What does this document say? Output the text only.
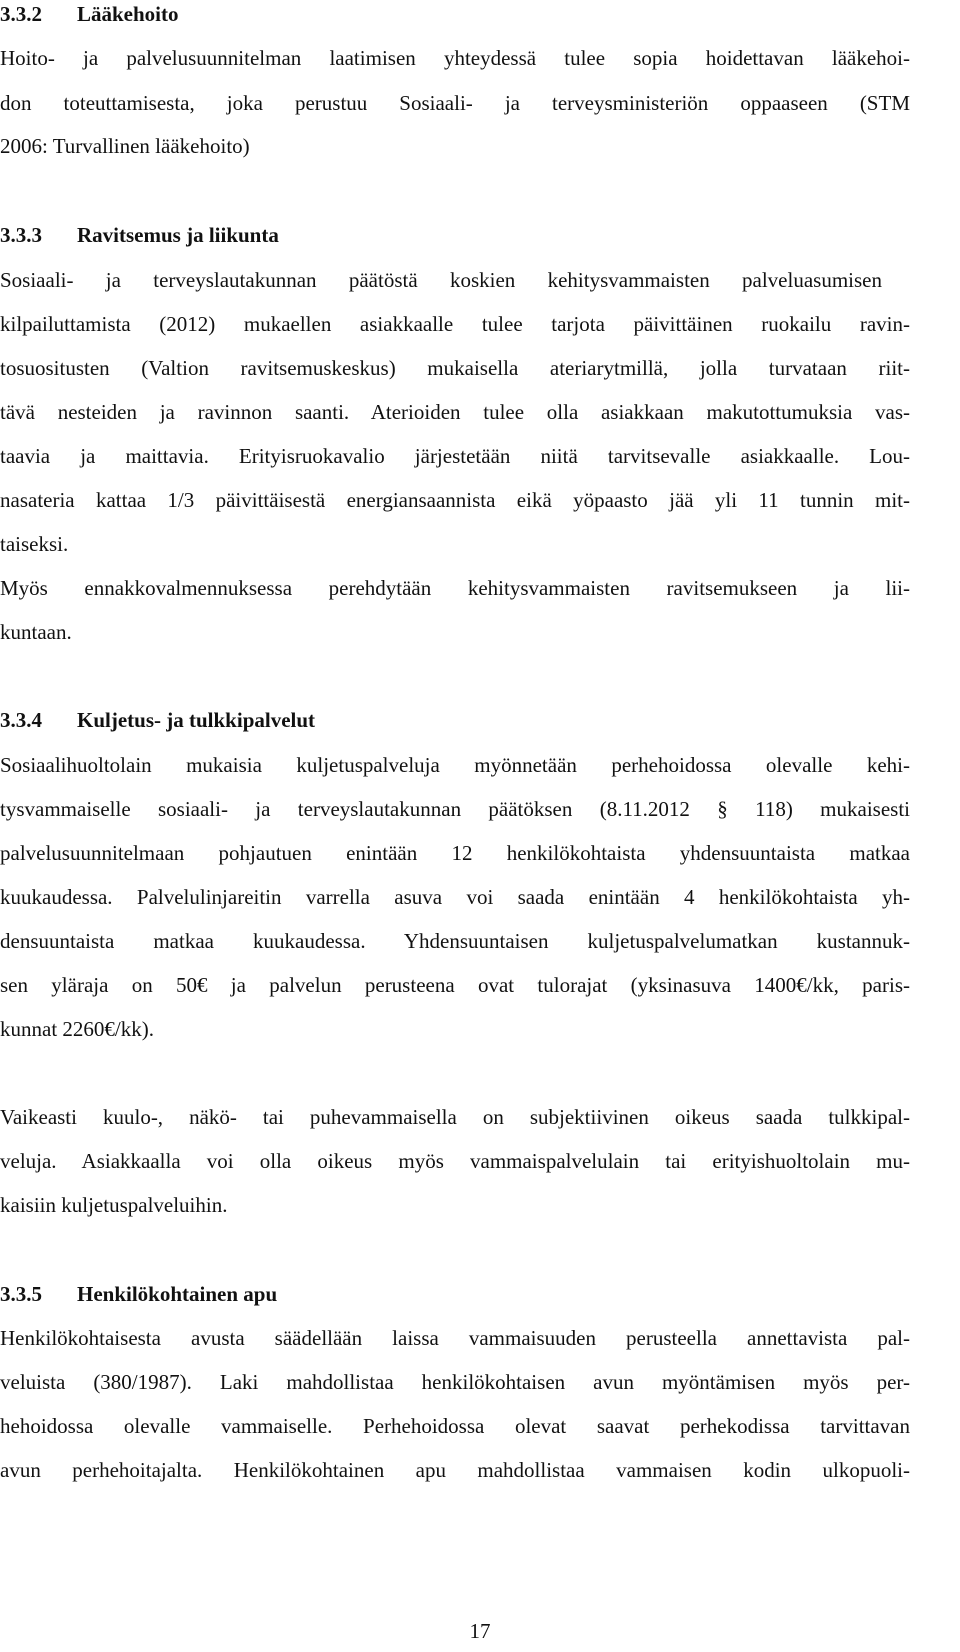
3.3.2 Lääkehoito
Hoito- ja palvelusuunnitelman laatimisen yhteydessä tulee sopia hoidettavan lääkehoi-
don toteuttamisesta, joka perustuu Sosiaali- ja terveysministeriön oppaaseen (STM
2006: Turvallinen lääkehoito)
3.3.3 Ravitsemus ja liikunta
Sosiaali- ja terveyslautakunnan päätöstä koskien kehitysvammaisten palveluasumisen
kilpailuttamista (2012) mukaellen asiakkaalle tulee tarjota päivittäinen ruokailu ravin-
tosuositusten (Valtion ravitsemuskeskus) mukaisella ateriarytmillä, jolla turvataan riit-
tävä nesteiden ja ravinnon saanti. Aterioiden tulee olla asiakkaan makutottumuksia vas-
taavia ja maittavia. Erityisruokavalio järjestetään niitä tarvitsevalle asiakkaalle. Lou-
nasateria kattaa 1/3 päivittäisestä energiansaannista eikä yöpaasto jää yli 11 tunnin mit-
taiseksi.
Myös ennakkovalmennuksessa perehdytään kehitysvammaisten ravitsemukseen ja lii-
kuntaan.
3.3.4 Kuljetus- ja tulkkipalvelut
Sosiaalihuoltolain mukaisia kuljetuspalveluja myönnetään perhehoidossa olevalle kehi-
tysvammaiselle sosiaali- ja terveyslautakunnan päätöksen (8.11.2012 § 118) mukaisesti
palvelusuunnitelmaan pohjautuen enintään 12 henkilökohtaista yhdensuuntaista matkaa
kuukaudessa. Palvelulinjareitin varrella asuva voi saada enintään 4 henkilökohtaista yh-
densuuntaista matkaa kuukaudessa. Yhdensuuntaisen kuljetuspalvelumatkan kustannuk-
sen yläraja on 50€ ja palvelun perusteena ovat tulorajat (yksinasuva 1400€/kk, paris-
kunnat 2260€/kk).
Vaikeasti kuulo-, näkö- tai puhevammaisella on subjektiivinen oikeus saada tulkkipal-
veluja. Asiakkaalla voi olla oikeus myös vammaispalvelulain tai erityishuoltolain mu-
kaisiin kuljetuspalveluihin.
3.3.5 Henkilökohtainen apu
Henkilökohtaisesta avusta säädellään laissa vammaisuuden perusteella annettavista pal-
veluista (380/1987). Laki mahdollistaa henkilökohtaisen avun myöntämisen myös per-
hehoidossa olevalle vammaiselle. Perhehoidossa olevat saavat perhekodissa tarvittavan
avun perhehoitajalta. Henkilökohtainen apu mahdollistaa vammaisen kodin ulkopuoli-
17
